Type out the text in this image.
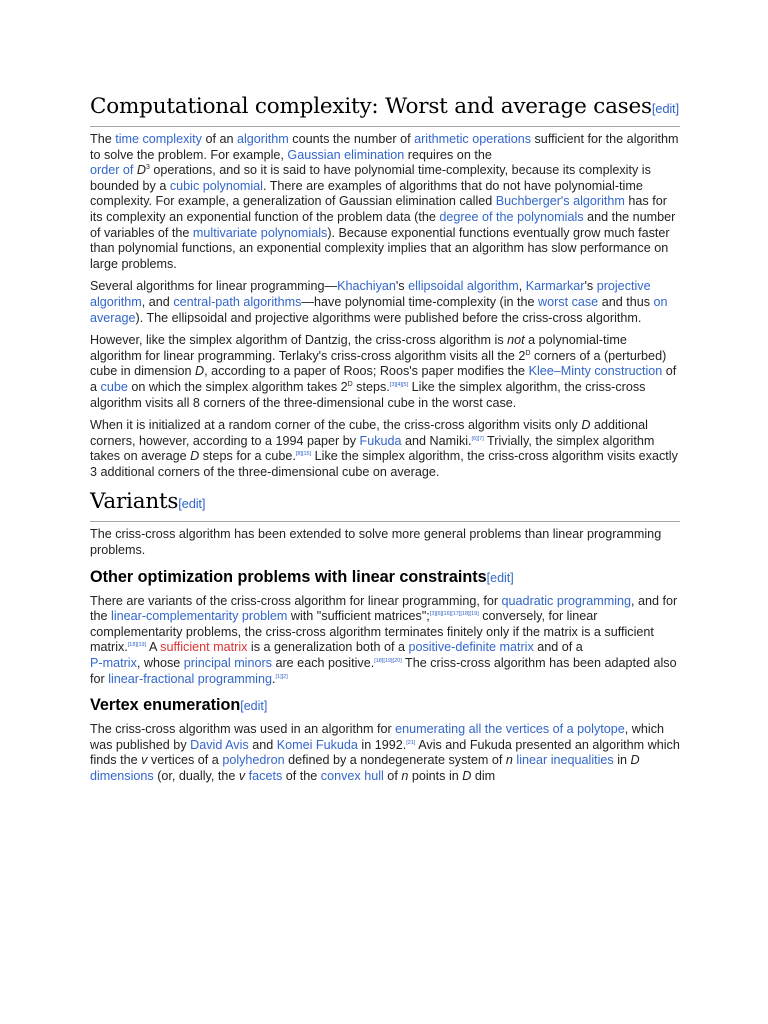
Computational complexity: Worst and average cases[edit]

The time complexity of an algorithm counts the number of arithmetic operations sufficient for the algorithm to solve the problem. For example, Gaussian elimination requires on the
order of $D^3$ operations, and so it is said to have polynomial time-complexity, because its complexity is bounded by a cubic polynomial. There are examples of algorithms that do not have polynomial-time complexity. For example, a generalization of Gaussian elimination called Buchberger's algorithm has for its complexity an exponential function of the problem data (the degree of the polynomials and the number of variables of the multivariate polynomials). Because exponential functions eventually grow much faster than polynomial functions, an exponential complexity implies that an algorithm has slow performance on large problems.

Several algorithms for linear programming—Khachiyan's ellipsoidal algorithm, Karmarkar's projective algorithm, and central-path algorithms—have polynomial time-complexity (in the worst case and thus on average). The ellipsoidal and projective algorithms were published before the criss-cross algorithm.

However, like the simplex algorithm of Dantzig, the criss-cross algorithm is not a polynomial-time algorithm for linear programming. Terlaky's criss-cross algorithm visits all the $2^D$ corners of a (perturbed) cube in dimension D, according to a paper of Roos; Roos's paper modifies the Klee–Minty construction of a cube on which the simplex algorithm takes $2^D$ steps.[3][4][5] Like the simplex algorithm, the criss-cross algorithm visits all 8 corners of the three-dimensional cube in the worst case.

When it is initialized at a random corner of the cube, the criss-cross algorithm visits only D additional corners, however, according to a 1994 paper by Fukuda and Namiki.[6][7] Trivially, the simplex algorithm takes on average D steps for a cube.[8][15] Like the simplex algorithm, the criss-cross algorithm visits exactly 3 additional corners of the three-dimensional cube on average.

Variants[edit]

The criss-cross algorithm has been extended to solve more general problems than linear programming problems.

Other optimization problems with linear constraints[edit]

There are variants of the criss-cross algorithm for linear programming, for quadratic programming, and for the linear-complementarity problem with "sufficient matrices";[3][6][16][17][18][19] conversely, for linear complementarity problems, the criss-cross algorithm terminates finitely only if the matrix is a sufficient matrix.[18][19] A sufficient matrix is a generalization both of a positive-definite matrix and of a
P-matrix, whose principal minors are each positive.[18][19][20] The criss-cross algorithm has been adapted also for linear-fractional programming.[1][2]

Vertex enumeration[edit]

The criss-cross algorithm was used in an algorithm for enumerating all the vertices of a polytope, which was published by David Avis and Komei Fukuda in 1992.[21] Avis and Fukuda presented an algorithm which finds the v vertices of a polyhedron defined by a nondegenerate system of n linear inequalities in D dimensions (or, dually, the v facets of the convex hull of n points in D dim
